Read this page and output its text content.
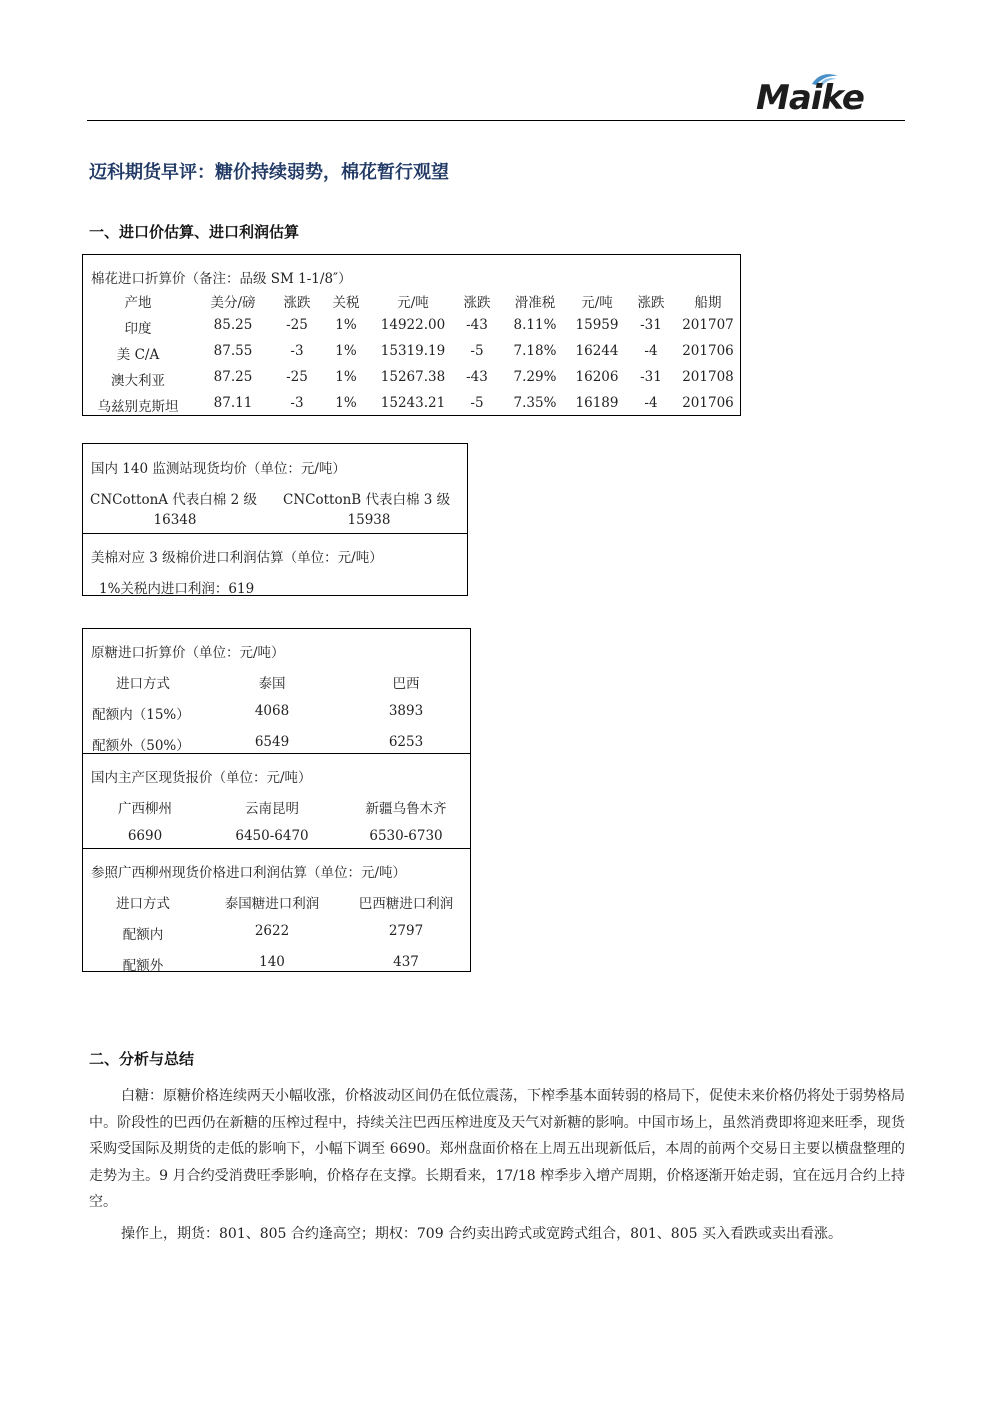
Maike
迈科期货早评：糖价持续弱势，棉花暂行观望
一、进口价估算、进口利润估算
棉花进口折算价（备注：品级 SM 1-1/8″）
产地	美分/磅	涨跌	关税	元/吨	涨跌	滑准税	元/吨	涨跌	船期
印度	85.25	-25	1%	14922.00	-43	8.11%	15959	-31	201707
美 C/A	87.55	-3	1%	15319.19	-5	7.18%	16244	-4	201706
澳大利亚	87.25	-25	1%	15267.38	-43	7.29%	16206	-31	201708
乌兹别克斯坦	87.11	-3	1%	15243.21	-5	7.35%	16189	-4	201706
国内 140 监测站现货均价（单位：元/吨）
CNCottonA 代表白棉 2 级 CNCottonB 代表白棉 3 级
16348	15938
美棉对应 3 级棉价进口利润估算（单位：元/吨）
1%关税内进口利润：619
原糖进口折算价（单位：元/吨）
国内主产区现货报价（单位：元/吨）
参照广西柳州现货价格进口利润估算（单位：元/吨）
进口方式	泰国	巴西
配额内（15%）	4068	3893
配额外（50%）	6549	6253
广西柳州	云南昆明	新疆乌鲁木齐
6690	6450-6470	6530-6730
进口方式	泰国糖进口利润	巴西糖进口利润
配额内	2622	2797
配额外	140	437
二、分析与总结

白糖：原糖价格连续两天小幅收涨，价格波动区间仍在低位震荡，下榨季基本面转弱的格局下，促使未来价格仍将处于弱势格局中。阶段性的巴西仍在新糖的压榨过程中，持续关注巴西压榨进度及天气对新糖的影响。中国市场上，虽然消费即将迎来旺季，现货采购受国际及期货的走低的影响下，小幅下调至 6690。郑州盘面价格在上周五出现新低后，本周的前两个交易日主要以横盘整理的走势为主。9 月合约受消费旺季影响，价格存在支撑。长期看来，17/18 榨季步入增产周期，价格逐渐开始走弱，宜在远月合约上持空。

操作上，期货：801、805 合约逢高空；期权：709 合约卖出跨式或宽跨式组合，801、805 买入看跌或卖出看涨。
